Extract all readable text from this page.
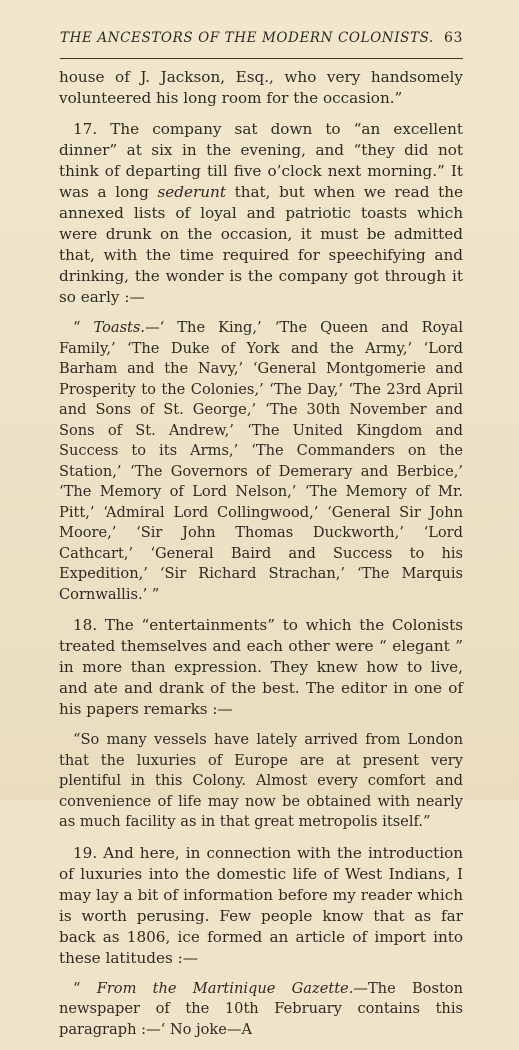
THE ANCESTORS OF THE MODERN COLONISTS. 63

house of J. Jackson, Esq., who very handsomely volunteered his long room for the occasion.”

17. The company sat down to “an excellent dinner” at six in the evening, and “they did not think of departing till five o’clock next morning.” It was a long sederunt that, but when we read the annexed lists of loyal and patriotic toasts which were drunk on the occasion, it must be admitted that, with the time required for speechifying and drinking, the wonder is the company got through it so early :—

“ Toasts.—‘ The King,’ ‘The Queen and Royal Family,’ ‘The Duke of York and the Army,’ ‘Lord Barham and the Navy,’ ‘General Montgomerie and Prosperity to the Colonies,’ ‘The Day,’ ‘The 23rd April and Sons of St. George,’ ‘The 30th November and Sons of St. Andrew,’ ‘The United Kingdom and Success to its Arms,’ ‘The Commanders on the Station,’ ‘The Governors of Demerary and Berbice,’ ‘The Memory of Lord Nelson,’ ‘The Memory of Mr. Pitt,’ ‘Admiral Lord Collingwood,’ ‘General Sir John Moore,’ ‘Sir John Thomas Duckworth,’ ‘Lord Cathcart,’ ‘General Baird and Success to his Expedition,’ ‘Sir Richard Strachan,’ ‘The Marquis Cornwallis.’ ”

18. The “entertainments” to which the Colonists treated themselves and each other were “ elegant ” in more than expression. They knew how to live, and ate and drank of the best. The editor in one of his papers remarks :—

“So many vessels have lately arrived from London that the luxuries of Europe are at present very plentiful in this Colony. Almost every comfort and convenience of life may now be obtained with nearly as much facility as in that great metropolis itself.”

19. And here, in connection with the introduction of luxuries into the domestic life of West Indians, I may lay a bit of information before my reader which is worth perusing. Few people know that as far back as 1806, ice formed an article of import into these latitudes :—

“ From the Martinique Gazette.—The Boston newspaper of the 10th February contains this paragraph :—‘ No joke—A
